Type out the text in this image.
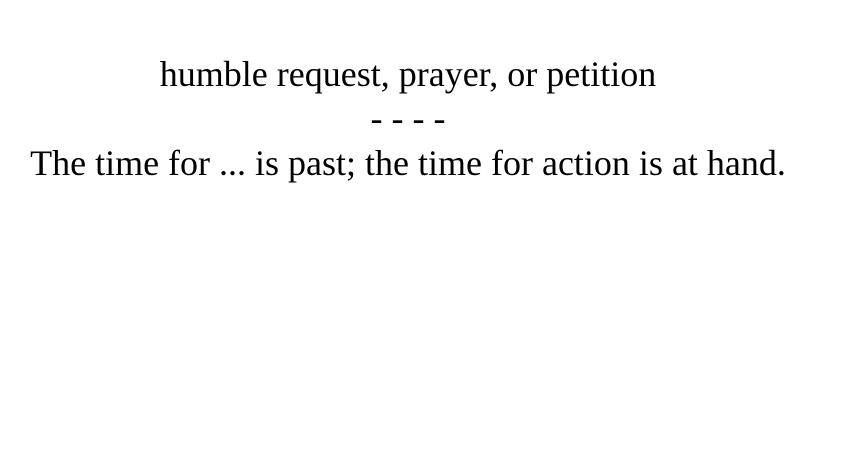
humble request, prayer, or petition

- - - -

The time for ... is past; the time for action is at hand.
